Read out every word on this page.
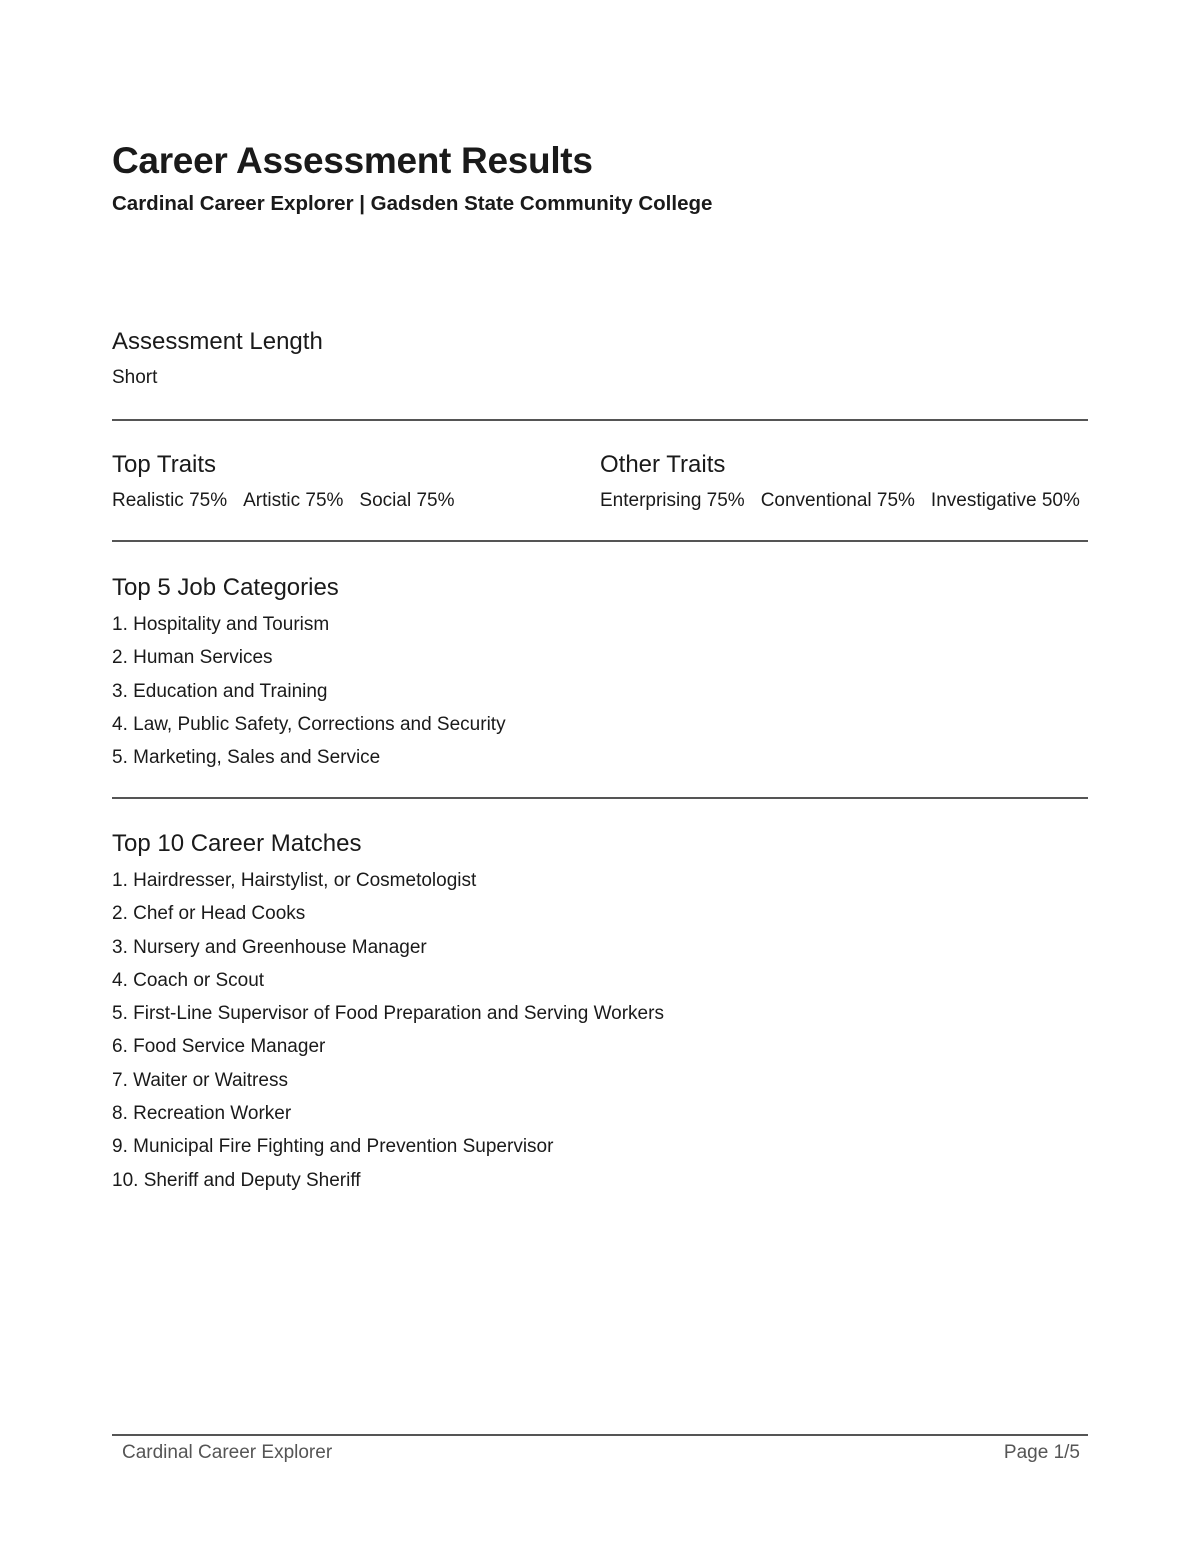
Career Assessment Results
Cardinal Career Explorer | Gadsden State Community College
Assessment Length
Short
Top Traits
Realistic 75% Artistic 75% Social 75%
Other Traits
Enterprising 75% Conventional 75% Investigative 50%
Top 5 Job Categories
1. Hospitality and Tourism
2. Human Services
3. Education and Training
4. Law, Public Safety, Corrections and Security
5. Marketing, Sales and Service
Top 10 Career Matches
1. Hairdresser, Hairstylist, or Cosmetologist
2. Chef or Head Cooks
3. Nursery and Greenhouse Manager
4. Coach or Scout
5. First-Line Supervisor of Food Preparation and Serving Workers
6. Food Service Manager
7. Waiter or Waitress
8. Recreation Worker
9. Municipal Fire Fighting and Prevention Supervisor
10. Sheriff and Deputy Sheriff
Cardinal Career Explorer	Page 1/5
